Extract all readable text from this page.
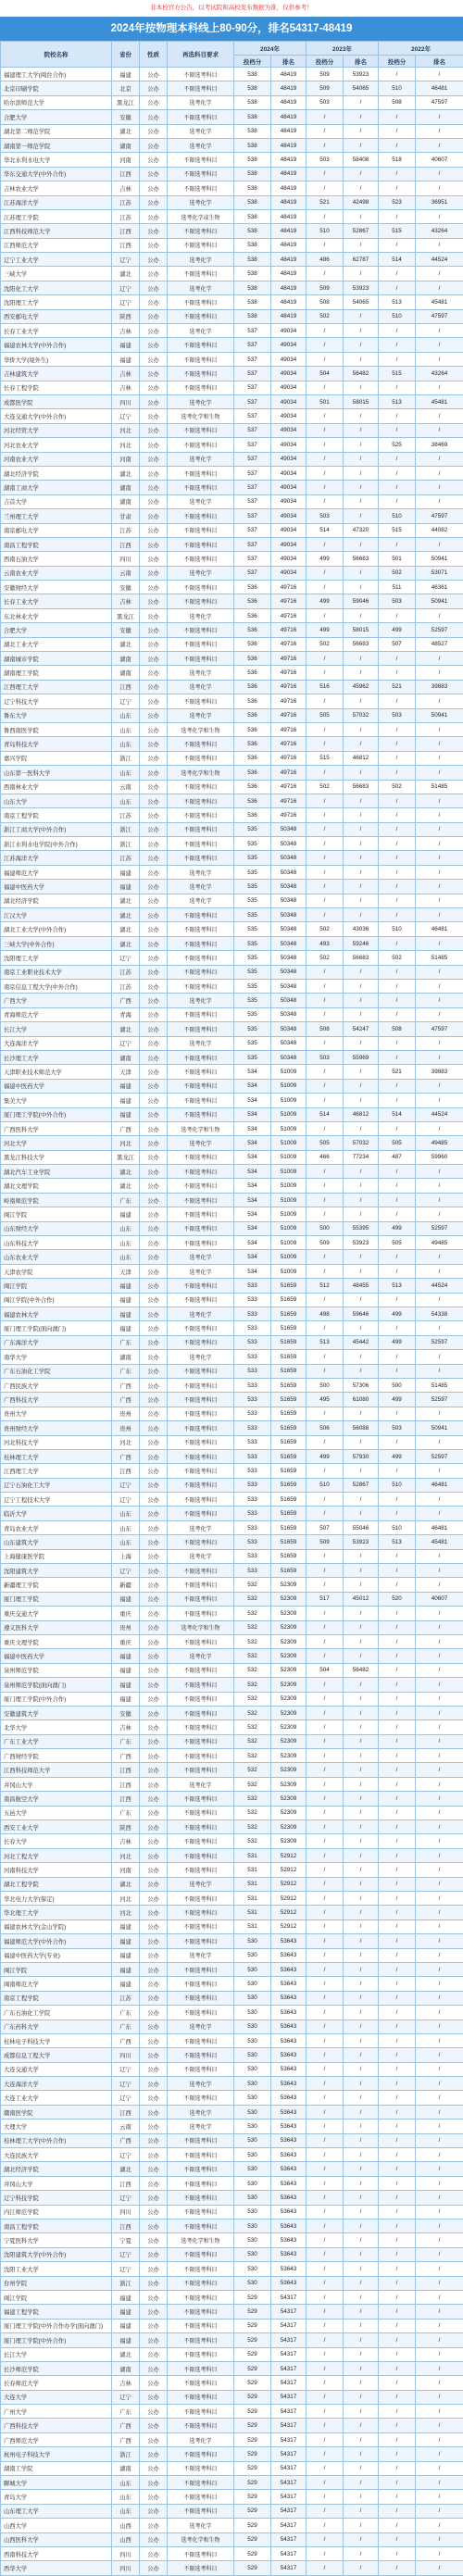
非本校官方公告，以考试院和高校发布数据为准，仅供参考！
2024年按物理本科线上80-90分，排名54317-48419
院校名称	省份	性质	再选科目要求	2024年		2023年		2022年	
				投档分	排名	投档分	排名	投档分	排名
福建理工大学(闽台合作)	福建	公办	不限选考科目	538	48419	509	53923	/	/
北京印刷学院	北京	公办	不限选考科目	538	48419	509	54065	510	46481
哈尔滨师范大学	黑龙江	公办	选考化学	538	48419	503	/	508	47597
合肥大学	安徽	公办	不限选考科目	538	48419	/	/	/	/
湖北第二师范学院	湖北	公办	选考化学	538	48419	/	/	/	/
湖南第一师范学院	湖南	公办	选考化学	538	48419	/	/	/	/
华北水利水电大学	河南	公办	不限选考科目	538	48419	503	58408	518	40607
华东交通大学(中外合作)	江西	公办	不限选考科目	538	48419	/	/	/	/
吉林农业大学	吉林	公办	不限选考科目	538	48419	/	/	/	/
江苏海洋大学	江苏	公办	选考化学	538	48419	521	42498	523	36951
江苏理工学院	江苏	公办	选考化学或生物	538	48419	/	/	/	/
江西科技师范大学	江西	公办	不限选考科目	538	48419	510	52867	515	43264
江西师范大学	江西	公办	不限选考科目	538	48419	/	/	/	/
辽宁工业大学	辽宁	公办	选考化学	538	48419	486	62787	514	44524
三峡大学	湖北	公办	不限选考科目	538	48419	/	/	/	/
沈阳化工大学	辽宁	公办	选考化学	538	48419	509	53923	/	/
沈阳理工大学	辽宁	公办	不限选考科目	538	48419	508	54065	513	45481
西安邮电大学	陕西	公办	不限选考科目	538	48419	502	/	510	47597
长春工业大学	吉林	公办	选考化学	537	49034	/	/	/	/
福建农林大学(中外合作)	福建	公办	不限选考科目	537	49034	/	/	/	/
华侨大学(境外生)	福建	公办	不限选考科目	537	49034	/	/	/	/
吉林建筑大学	吉林	公办	不限选考科目	537	49034	504	56482	515	43264
长春工程学院	吉林	公办	不限选考科目	537	49034	/	/	/	/
成都医学院	四川	公办	选考化学	537	49034	501	58015	513	45481
大连交通大学(中外合作)	辽宁	公办	选考化学和生物	537	49034	/	/	/	/
河北经贸大学	河北	公办	不限选考科目	537	49034	/	/	/	/
河北农业大学	河北	公办	不限选考科目	537	49034	/	/	525	38469
河南农业大学	河南	公办	选考化学	537	49034	/	/	/	/
湖北经济学院	湖北	公办	不限选考科目	537	49034	/	/	/	/
湖南工商大学	湖南	公办	不限选考科目	537	49034	/	/	/	/
吉首大学	湖南	公办	选考化学	537	49034	/	/	/	/
兰州理工大学	甘肃	公办	不限选考科目	537	49034	503	/	510	47597
南京邮电大学	江苏	公办	不限选考科目	537	49034	514	47320	515	44082
南昌工程学院	江西	公办	不限选考科目	537	49034	/	/	/	/
西南石油大学	四川	公办	不限选考科目	537	49034	499	56683	501	50941
云南农业大学	云南	公办	选考化学	537	49034	/	/	502	53071
安徽财经大学	安徽	公办	不限选考科目	536	49716	/	/	511	46361
长春工业大学	吉林	公办	不限选考科目	536	49716	499	59046	503	50941
东北林业大学	黑龙江	公办	选考化学	536	49716	/	/	/	/
合肥大学	安徽	公办	不限选考科目	536	49716	499	58015	499	52597
湖北工业大学	湖北	公办	不限选考科目	536	49716	502	56683	507	48527
湖南城市学院	湖南	公办	不限选考科目	536	49716	/	/	/	/
湖南理工学院	湖南	公办	选考化学	536	49716	/	/	/	/
江西理工大学	江西	公办	选考化学	536	49716	516	45962	521	39883
辽宁科技大学	辽宁	公办	不限选考科目	536	49716	/	/	/	/
鲁东大学	山东	公办	选考化学	536	49716	505	57032	503	50941
鲁西南医学院	山东	公办	选考化学和生物	536	49716	/	/	/	/
青岛科技大学	山东	公办	不限选考科目	536	49716	/	/	/	/
嘉兴学院	浙江	公办	不限选考科目	536	49716	515	46812	/	/
山东第一医科大学	山东	公办	选考化学和生物	536	49716	/	/	/	/
西南林业大学	云南	公办	不限选考科目	536	49716	502	56683	502	51485
山东大学	山东	公办	不限选考科目	536	49716	/	/	/	/
南京工程学院	江苏	公办	不限选考科目	536	49716	/	/	/	/
浙江工商大学(中外合作)	浙江	公办	不限选考科目	535	50348	/	/	/	/
浙江水利水电学院(中外合作)	浙江	公办	不限选考科目	535	50348	/	/	/	/
江苏海洋大学	江苏	公办	不限选考科目	535	50348	/	/	/	/
福建师范大学	福建	公办	选考化学	535	50348	/	/	/	/
福建中医药大学	福建	公办	选考化学	535	50348	/	/	/	/
湖北经济学院	湖北	公办	选考化学	535	50348	/	/	/	/
江汉大学	湖北	公办	不限选考科目	535	50348	/	/	/	/
湖北工业大学(中外合作)	湖北	公办	不限选考科目	535	50348	502	43036	510	46481
三峡大学(中外合作)	湖北	公办	不限选考科目	535	50348	493	59246	/	/
沈阳理工大学	辽宁	公办	不限选考科目	535	50348	502	56683	502	51485
南京工业职业技术大学	江苏	公办	不限选考科目	535	50348	/	/	/	/
南京信息工程大学(中外合作)	江苏	公办	不限选考科目	535	50348	/	/	/	/
广西大学	广西	公办	选考化学	535	50348	/	/	/	/
青海师范大学	青海	公办	不限选考科目	535	50348	/	/	/	/
长江大学	湖北	公办	不限选考科目	535	50348	508	54247	508	47597
大连海洋大学	辽宁	公办	选考化学	535	50348	/	/	/	/
长沙理工大学	湖南	公办	不限选考科目	535	50348	503	55969	/	/
天津职业技术师范大学	天津	公办	不限选考科目	534	51009	/	/	521	39883
福建中医药大学	福建	公办	不限选考科目	534	51009	/	/	/	/
集美大学	福建	公办	不限选考科目	534	51009	/	/	/	/
厦门理工学院(中外合作)	福建	公办	不限选考科目	534	51009	514	46812	514	44524
广西医科大学	广西	公办	选考化学和生物	534	51009	/	/	/	/
河北大学	河北	公办	选考化学	534	51009	505	57032	505	49485
黑龙江科技大学	黑龙江	公办	不限选考科目	534	51009	466	77234	487	59960
湖北汽车工业学院	湖北	公办	不限选考科目	534	51009	/	/	/	/
湖北文理学院	湖北	公办	不限选考科目	534	51009	/	/	/	/
岭南师范学院	广东	公办	不限选考科目	534	51009	/	/	/	/
闽江学院	福建	公办	不限选考科目	534	51009	/	/	/	/
山东财经大学	山东	公办	不限选考科目	534	51009	500	55395	499	52597
山东科技大学	山东	公办	不限选考科目	534	51009	509	53923	505	49485
山东农业大学	山东	公办	选考化学	534	51009	/	/	/	/
天津农学院	天津	公办	选考化学	534	51009	/	/	/	/
闽江学院	福建	公办	不限选考科目	533	51659	512	48455	513	44524
闽江学院(中外合作)	福建	公办	不限选考科目	533	51659	/	/	/	/
福建农林大学	福建	公办	选考化学	533	51659	498	59646	499	54338
厦门理工学院(面向澳门)	福建	公办	不限选考科目	533	51659	/	/	/	/
广东海洋大学	广东	公办	不限选考科目	533	51659	513	45442	499	52597
南华大学	湖南	公办	选考化学	533	51659	/	/	/	/
广东石油化工学院	广东	公办	不限选考科目	533	51659	/	/	/	/
广西民族大学	广西	公办	不限选考科目	533	51659	500	57306	500	51485
广西科技大学	广西	公办	不限选考科目	533	51659	495	61080	499	52597
贵州大学	贵州	公办	不限选考科目	533	51659	/	/	/	/
贵州财经大学	贵州	公办	不限选考科目	533	51659	506	56088	503	50941
河北科技大学	河北	公办	不限选考科目	533	51659	/	/	/	/
桂林理工大学	广西	公办	不限选考科目	533	51659	499	57930	499	52597
江西理工大学	江西	公办	不限选考科目	533	51659	/	/	/	/
辽宁石油化工大学	辽宁	公办	不限选考科目	533	51659	510	52867	510	46481
辽宁工程技术大学	辽宁	公办	不限选考科目	533	51659	/	/	/	/
临沂大学	山东	公办	不限选考科目	533	51659	/	/	/	/
青岛农业大学	山东	公办	选考化学	533	51659	507	55046	510	46481
山东建筑大学	山东	公办	不限选考科目	533	51659	509	53923	513	45481
上海健康医学院	上海	公办	选考化学	533	51659	/	/	/	/
沈阳建筑大学	辽宁	公办	不限选考科目	533	51659	/	/	/	/
新疆理工学院	新疆	公办	不限选考科目	532	52309	/	/	/	/
厦门理工学院	福建	公办	不限选考科目	532	52309	517	45012	520	40607
重庆交通大学	重庆	公办	不限选考科目	532	52309	/	/	/	/
遵义医科大学	贵州	公办	选考化学和生物	532	52309	/	/	/	/
重庆文理学院	重庆	公办	不限选考科目	532	52309	/	/	/	/
福建中医药大学	福建	公办	选考化学	532	52309	/	/	/	/
泉州师范学院	福建	公办	不限选考科目	532	52309	504	56482	/	/
泉州师范学院(面向澳门)	福建	公办	不限选考科目	532	52309	/	/	/	/
厦门理工学院(中外合作)	福建	公办	不限选考科目	532	52309	/	/	/	/
安徽建筑大学	安徽	公办	不限选考科目	532	52309	/	/	/	/
北华大学	吉林	公办	不限选考科目	532	52309	/	/	/	/
广东工业大学	广东	公办	不限选考科目	532	52309	/	/	/	/
广西财经学院	广西	公办	不限选考科目	532	52309	/	/	/	/
江西科技师范大学	江西	公办	不限选考科目	532	52309	/	/	/	/
井冈山大学	江西	公办	选考化学	532	52309	/	/	/	/
南昌航空大学	江西	公办	不限选考科目	532	52309	/	/	/	/
五邑大学	广东	公办	不限选考科目	532	52309	/	/	/	/
西安工业大学	陕西	公办	不限选考科目	532	52309	/	/	/	/
长春大学	吉林	公办	不限选考科目	532	52309	/	/	/	/
河北工程大学	河北	公办	不限选考科目	531	52912	/	/	/	/
河南科技大学	河南	公办	不限选考科目	531	52912	/	/	/	/
湖北工程学院	湖北	公办	选考化学	531	52912	/	/	/	/
华北电力大学(保定)	河北	公办	不限选考科目	531	52912	/	/	/	/
华北理工大学	河北	公办	不限选考科目	531	52912	/	/	/	/
福建农林大学(金山学院)	福建	公办	不限选考科目	531	52912	/	/	/	/
福建师范大学(中外合作)	福建	公办	不限选考科目	530	53643	/	/	/	/
福建中医药大学(专业)	福建	公办	选考化学	530	53643	/	/	/	/
闽江学院	福建	公办	不限选考科目	530	53643	/	/	/	/
闽南师范大学	福建	公办	不限选考科目	530	53643	/	/	/	/
南京工程学院	江苏	公办	不限选考科目	530	53643	/	/	/	/
广东石油化工学院	广东	公办	不限选考科目	530	53643	/	/	/	/
广东药科大学	广东	公办	选考化学	530	53643	/	/	/	/
桂林电子科技大学	广西	公办	不限选考科目	530	53643	/	/	/	/
成都信息工程大学	四川	公办	不限选考科目	530	53643	/	/	/	/
大连交通大学	辽宁	公办	不限选考科目	530	53643	/	/	/	/
大连海洋大学	辽宁	公办	选考化学	530	53643	/	/	/	/
大连工业大学	辽宁	公办	不限选考科目	530	53643	/	/	/	/
赣南医学院	江西	公办	选考化学	530	53643	/	/	/	/
大理大学	云南	公办	选考化学	530	53643	/	/	/	/
桂林理工大学(中外合作)	广西	公办	不限选考科目	530	53643	/	/	/	/
大连民族大学	辽宁	公办	不限选考科目	530	53643	/	/	/	/
湖北经济学院	湖北	公办	不限选考科目	530	53643	/	/	/	/
井冈山大学	江西	公办	不限选考科目	530	53643	/	/	/	/
辽宁科技学院	辽宁	公办	不限选考科目	530	53643	/	/	/	/
内江师范学院	四川	公办	不限选考科目	530	53643	/	/	/	/
南昌工程学院	江西	公办	不限选考科目	530	53643	/	/	/	/
宁夏医科大学	宁夏	公办	选考化学和生物	530	53643	/	/	/	/
沈阳建筑大学(中外合作)	辽宁	公办	不限选考科目	530	53643	/	/	/	/
沈阳工业大学	辽宁	公办	不限选考科目	530	53643	/	/	/	/
台州学院	浙江	公办	不限选考科目	530	53643	/	/	/	/
闽江学院	福建	公办	不限选考科目	529	54317	/	/	/	/
福建工程学院	福建	公办	不限选考科目	529	54317	/	/	/	/
厦门理工学院(中外合作办学(面向澳门)	福建	公办	不限选考科目	529	54317	/	/	/	/
厦门理工学院(中外合作)	福建	公办	不限选考科目	529	54317	/	/	/	/
长江大学	湖北	公办	不限选考科目	529	54317	/	/	/	/
长沙师范学院	湖南	公办	不限选考科目	529	54317	/	/	/	/
长春师范大学	吉林	公办	不限选考科目	529	54317	/	/	/	/
大连大学	辽宁	公办	不限选考科目	529	54317	/	/	/	/
广州大学	广东	公办	不限选考科目	529	54317	/	/	/	/
广西科技大学	广西	公办	不限选考科目	529	54317	/	/	/	/
广西师范大学	广西	公办	选考化学	529	54317	/	/	/	/
杭州电子科技大学	浙江	公办	不限选考科目	529	54317	/	/	/	/
湖南工学院	湖南	公办	不限选考科目	529	54317	/	/	/	/
聊城大学	山东	公办	不限选考科目	529	54317	/	/	/	/
青岛大学	山东	公办	不限选考科目	529	54317	/	/	/	/
山东理工大学	山东	公办	不限选考科目	529	54317	/	/	/	/
山西大学	山西	公办	选考化学	529	54317	/	/	/	/
山西医科大学	山西	公办	选考化学和生物	529	54317	/	/	/	/
西南科技大学	四川	公办	不限选考科目	529	54317	/	/	/	/
西华大学	四川	公办	不限选考科目	529	54317	/	/	/	/
